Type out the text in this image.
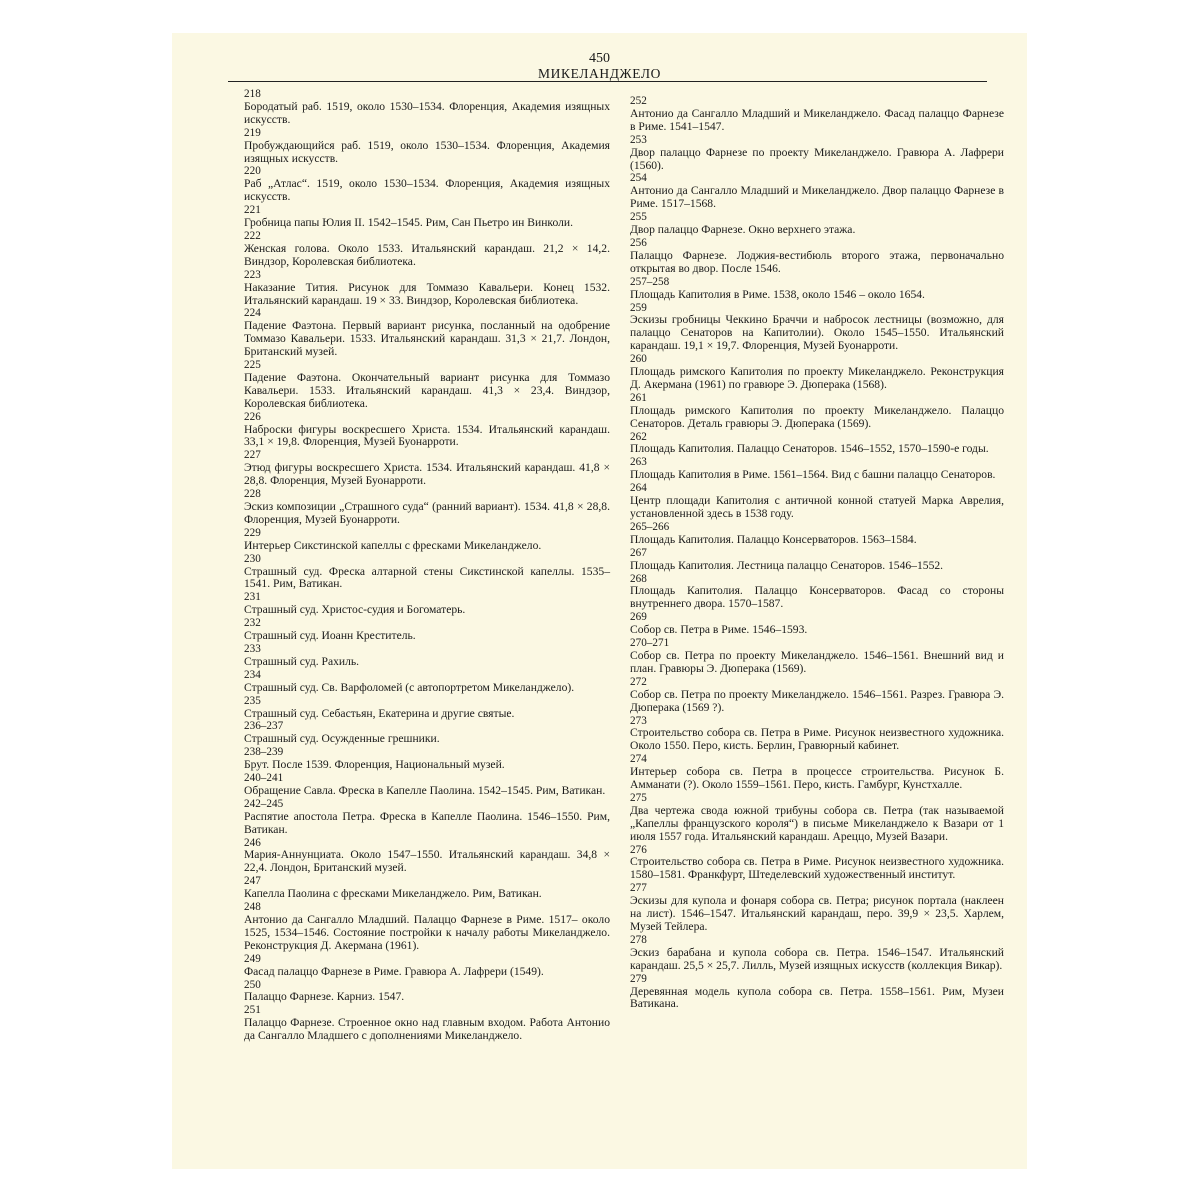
450
МИКЕЛАНДЖЕЛО
218
Бородатый раб. 1519, около 1530–1534. Флоренция, Академия изящных искусств.
219
Пробуждающийся раб. 1519, около 1530–1534. Флоренция, Академия изящных искусств.
220
Раб „Атлас“. 1519, около 1530–1534. Флоренция, Академия изящных искусств.
221
Гробница папы Юлия II. 1542–1545. Рим, Сан Пьетро ин Винколи.
222
Женская голова. Около 1533. Итальянский карандаш. 21,2 × 14,2. Виндзор, Королевская библиотека.
223
Наказание Тития. Рисунок для Томмазо Кавальери. Конец 1532. Итальянский карандаш. 19 × 33. Виндзор, Королевская библиотека.
224
Падение Фаэтона. Первый вариант рисунка, посланный на одобрение Томмазо Кавальери. 1533. Итальянский карандаш. 31,3 × 21,7. Лондон, Британский музей.
225
Падение Фаэтона. Окончательный вариант рисунка для Томмазо Кавальери. 1533. Итальянский карандаш. 41,3 × 23,4. Виндзор, Королевская библиотека.
226
Наброски фигуры воскресшего Христа. 1534. Итальянский карандаш. 33,1 × 19,8. Флоренция, Музей Буонарроти.
227
Этюд фигуры воскресшего Христа. 1534. Итальянский карандаш. 41,8 × 28,8. Флоренция, Музей Буонарроти.
228
Эскиз композиции „Страшного суда“ (ранний вариант). 1534. 41,8 × 28,8. Флоренция, Музей Буонарроти.
229
Интерьер Сикстинской капеллы с фресками Микеланджело.
230
Страшный суд. Фреска алтарной стены Сикстинской капеллы. 1535–1541. Рим, Ватикан.
231
Страшный суд. Христос-судия и Богоматерь.
232
Страшный суд. Иоанн Креститель.
233
Страшный суд. Рахиль.
234
Страшный суд. Св. Варфоломей (с автопортретом Микеланджело).
235
Страшный суд. Себастьян, Екатерина и другие святые.
236–237
Страшный суд. Осужденные грешники.
238–239
Брут. После 1539. Флоренция, Национальный музей.
240–241
Обращение Савла. Фреска в Капелле Паолина. 1542–1545. Рим, Ватикан.
242–245
Распятие апостола Петра. Фреска в Капелле Паолина. 1546–1550. Рим, Ватикан.
246
Мария-Аннунциата. Около 1547–1550. Итальянский карандаш. 34,8 × 22,4. Лондон, Британский музей.
247
Капелла Паолина с фресками Микеланджело. Рим, Ватикан.
248
Антонио да Сангалло Младший. Палаццо Фарнезе в Риме. 1517– около 1525, 1534–1546. Состояние постройки к началу работы Микеланджело. Реконструкция Д. Акермана (1961).
249
Фасад палаццо Фарнезе в Риме. Гравюра А. Лафрери (1549).
250
Палаццо Фарнезе. Карниз. 1547.
251
Палаццо Фарнезе. Строенное окно над главным входом. Работа Антонио да Сангалло Младшего с дополнениями Микеланджело.
252
Антонио да Сангалло Младший и Микеланджело. Фасад палаццо Фарнезе в Риме. 1541–1547.
253
Двор палаццо Фарнезе по проекту Микеланджело. Гравюра А. Лафрери (1560).
254
Антонио да Сангалло Младший и Микеланджело. Двор палаццо Фарнезе в Риме. 1517–1568.
255
Двор палаццо Фарнезе. Окно верхнего этажа.
256
Палаццо Фарнезе. Лоджия-вестибюль второго этажа, первоначально открытая во двор. После 1546.
257–258
Площадь Капитолия в Риме. 1538, около 1546 – около 1654.
259
Эскизы гробницы Чеккино Браччи и набросок лестницы (возможно, для палаццо Сенаторов на Капитолии). Около 1545–1550. Итальянский карандаш. 19,1 × 19,7. Флоренция, Музей Буонарроти.
260
Площадь римского Капитолия по проекту Микеланджело. Реконструкция Д. Акермана (1961) по гравюре Э. Дюперака (1568).
261
Площадь римского Капитолия по проекту Микеланджело. Палаццо Сенаторов. Деталь гравюры Э. Дюперака (1569).
262
Площадь Капитолия. Палаццо Сенаторов. 1546–1552, 1570–1590-е годы.
263
Площадь Капитолия в Риме. 1561–1564. Вид с башни палаццо Сенаторов.
264
Центр площади Капитолия с античной конной статуей Марка Аврелия, установленной здесь в 1538 году.
265–266
Площадь Капитолия. Палаццо Консерваторов. 1563–1584.
267
Площадь Капитолия. Лестница палаццо Сенаторов. 1546–1552.
268
Площадь Капитолия. Палаццо Консерваторов. Фасад со стороны внутреннего двора. 1570–1587.
269
Собор св. Петра в Риме. 1546–1593.
270–271
Собор св. Петра по проекту Микеланджело. 1546–1561. Внешний вид и план. Гравюры Э. Дюперака (1569).
272
Собор св. Петра по проекту Микеланджело. 1546–1561. Разрез. Гравюра Э. Дюперака (1569 ?).
273
Строительство собора св. Петра в Риме. Рисунок неизвестного художника. Около 1550. Перо, кисть. Берлин, Гравюрный кабинет.
274
Интерьер собора св. Петра в процессе строительства. Рисунок Б. Амманати (?). Около 1559–1561. Перо, кисть. Гамбург, Кунстхалле.
275
Два чертежа свода южной трибуны собора св. Петра (так называемой „Капеллы французского короля“) в письме Микеланджело к Вазари от 1 июля 1557 года. Итальянский карандаш. Ареццо, Музей Вазари.
276
Строительство собора св. Петра в Риме. Рисунок неизвестного художника. 1580–1581. Франкфурт, Штеделевский художественный институт.
277
Эскизы для купола и фонаря собора св. Петра; рисунок портала (наклеен на лист). 1546–1547. Итальянский карандаш, перо. 39,9 × 23,5. Харлем, Музей Тейлера.
278
Эскиз барабана и купола собора св. Петра. 1546–1547. Итальянский карандаш. 25,5 × 25,7. Лилль, Музей изящных искусств (коллекция Викар).
279
Деревянная модель купола собора св. Петра. 1558–1561. Рим, Музеи Ватикана.
